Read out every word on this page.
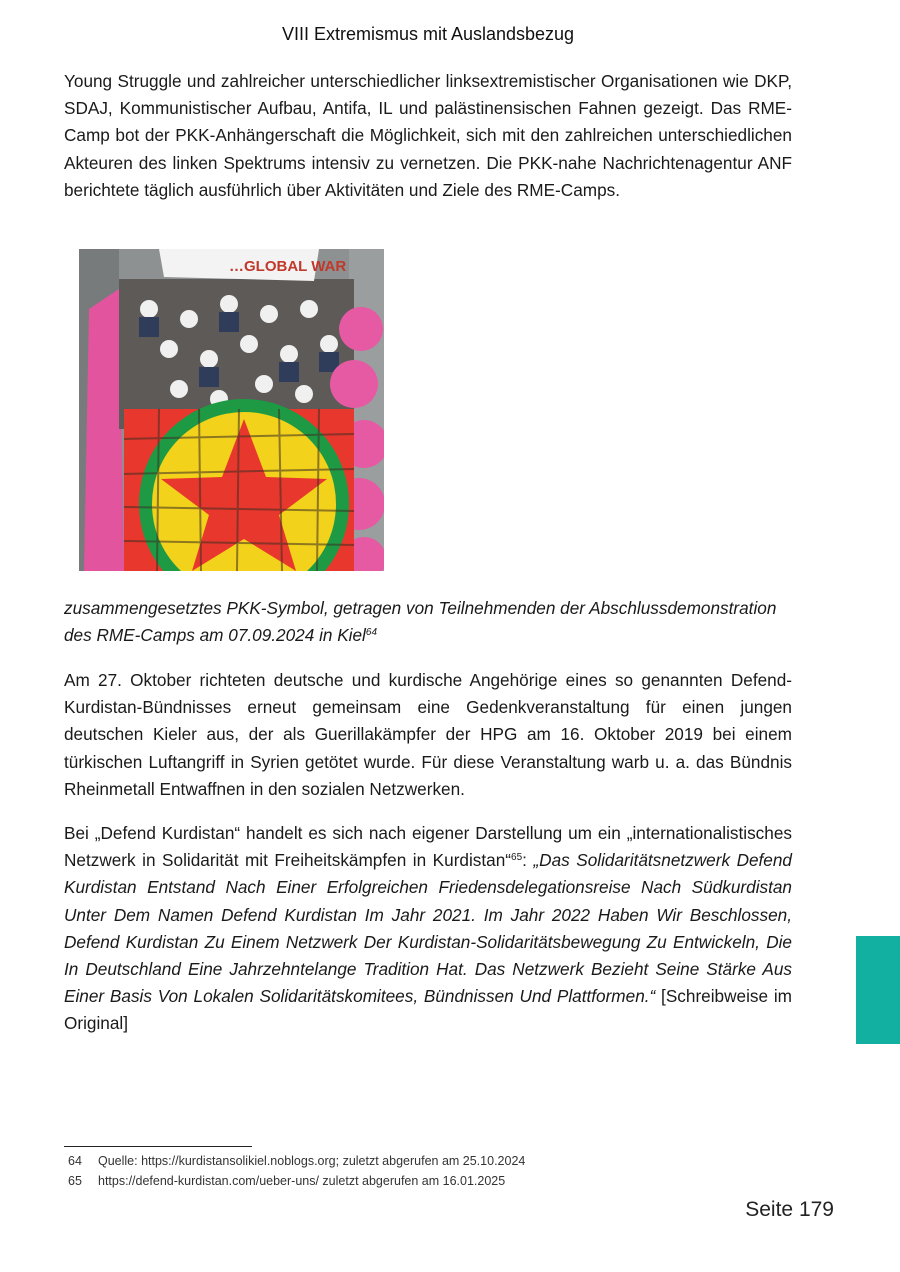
VIII Extremismus mit Auslandsbezug
Young Struggle und zahlreicher unterschiedlicher linksextremistischer Organisationen wie DKP, SDAJ, Kommunistischer Aufbau, Antifa, IL und palästinensischen Fahnen gezeigt. Das RME-Camp bot der PKK-Anhängerschaft die Möglichkeit, sich mit den zahlreichen unterschiedlichen Akteuren des linken Spektrums intensiv zu vernetzen. Die PKK-nahe Nachrichtenagentur ANF berichtete täglich ausführlich über Aktivitäten und Ziele des RME-Camps.
…GLOBAL WAR
zusammengesetztes PKK-Symbol, getragen von Teilnehmenden der Abschlussdemonstration des RME-Camps am 07.09.2024 in Kiel$^{64}$
Am 27. Oktober richteten deutsche und kurdische Angehörige eines so genannten Defend-Kurdistan-Bündnisses erneut gemeinsam eine Gedenkveranstaltung für einen jungen deutschen Kieler aus, der als Guerillakämpfer der HPG am 16. Oktober 2019 bei einem türkischen Luftangriff in Syrien getötet wurde. Für diese Veranstaltung warb u. a. das Bündnis Rheinmetall Entwaffnen in den sozialen Netzwerken.
Bei „Defend Kurdistan“ handelt es sich nach eigener Darstellung um ein „internationalistisches Netzwerk in Solidarität mit Freiheitskämpfen in Kurdistan“$^{65}$: „Das Solidaritätsnetzwerk Defend Kurdistan Entstand Nach Einer Erfolgreichen Friedensdelegationsreise Nach Südkurdistan Unter Dem Namen Defend Kurdistan Im Jahr 2021. Im Jahr 2022 Haben Wir Beschlossen, Defend Kurdistan Zu Einem Netzwerk Der Kurdistan-Solidaritätsbewegung Zu Entwickeln, Die In Deutschland Eine Jahrzehntelange Tradition Hat. Das Netzwerk Bezieht Seine Stärke Aus Einer Basis Von Lokalen Solidaritätskomitees, Bündnissen Und Plattformen.“ [Schreibweise im Original]
64 Quelle: https://kurdistansolikiel.noblogs.org; zuletzt abgerufen am 25.10.2024
65 https://defend-kurdistan.com/ueber-uns/ zuletzt abgerufen am 16.01.2025
Seite 179
